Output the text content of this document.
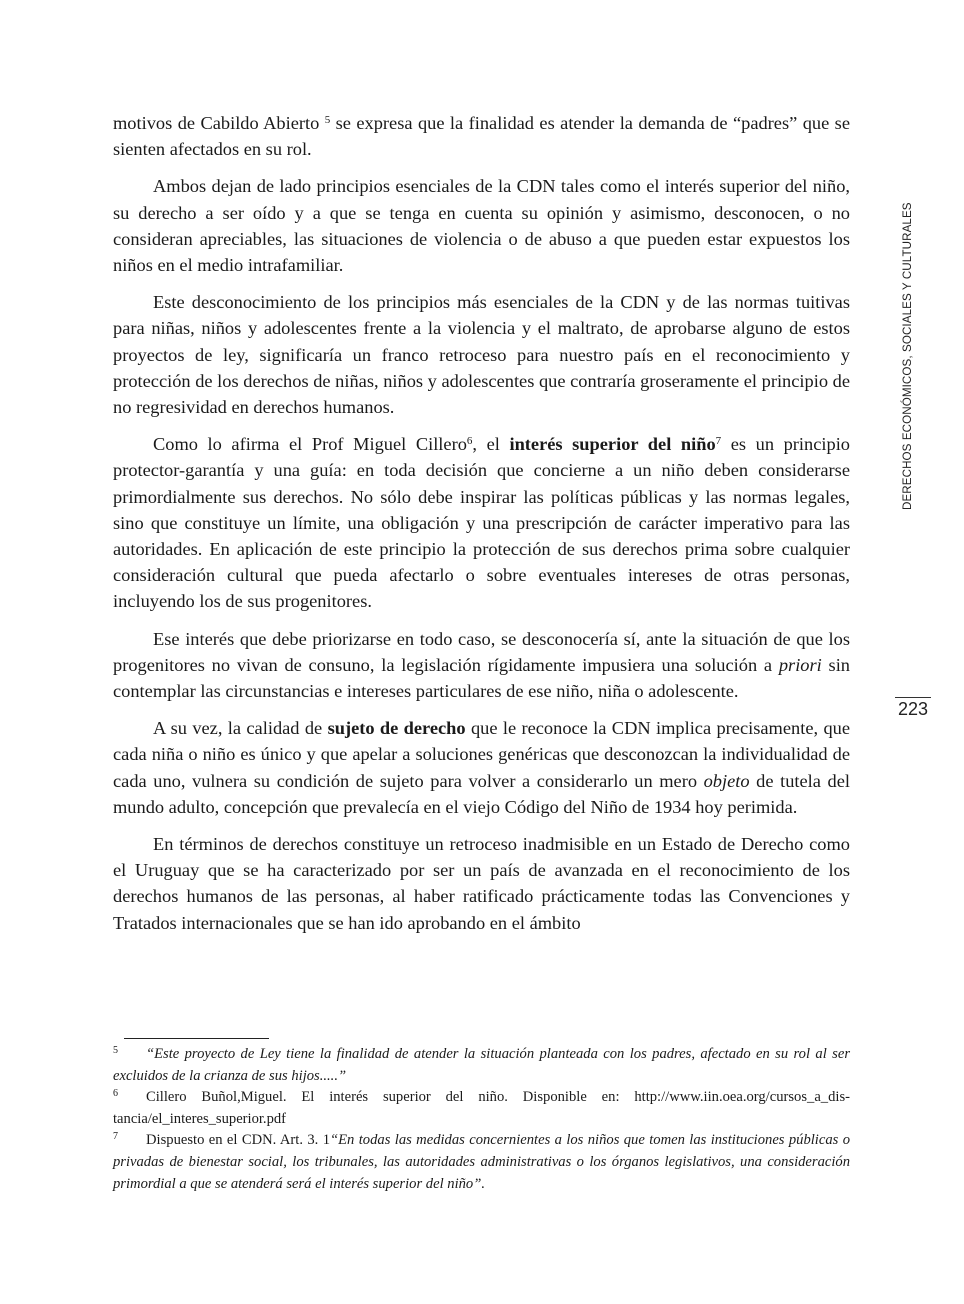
motivos de Cabildo Abierto $^5$ se expresa que la finalidad es atender la demanda de “padres” que se sienten afectados en su rol.

Ambos dejan de lado principios esenciales de la CDN tales como el interés superior del niño, su derecho a ser oído y a que se tenga en cuenta su opinión y asimismo, desconocen, o no consideran apreciables, las situaciones de violencia o de abuso a que pueden estar expuestos los niños en el medio intrafamiliar.

Este desconocimiento de los principios más esenciales de la CDN y de las normas tuitivas para niñas, niños y adolescentes frente a la violencia y el maltrato, de aprobarse alguno de estos proyectos de ley, significaría un franco retroceso para nuestro país en el reconocimiento y protección de los derechos de niñas, niños y adolescentes que contraría groseramente el principio de no regresividad en derechos humanos.

Como lo afirma el Prof Miguel Cillero$^6$, el interés superior del niño$^7$ es un principio protector-garantía y una guía: en toda decisión que concierne a un niño deben considerarse primordialmente sus derechos. No sólo debe inspirar las políticas públicas y las normas legales, sino que constituye un límite, una obligación y una prescripción de carácter imperativo para las autoridades. En aplicación de este principio la protección de sus derechos prima sobre cualquier consideración cultural que pueda afectarlo o sobre eventuales intereses de otras personas, incluyendo los de sus progenitores.

Ese interés que debe priorizarse en todo caso, se desconocería sí, ante la situación de que los progenitores no vivan de consuno, la legislación rígidamente impusiera una solución a priori sin contemplar las circunstancias e intereses particulares de ese niño, niña o adolescente.

A su vez, la calidad de sujeto de derecho que le reconoce la CDN implica precisamente, que cada niña o niño es único y que apelar a soluciones genéricas que desconozcan la individualidad de cada uno, vulnera su condición de sujeto para volver a considerarlo un mero objeto de tutela del mundo adulto, concepción que prevalecía en el viejo Código del Niño de 1934 hoy perimida.

En términos de derechos constituye un retroceso inadmisible en un Estado de Derecho como el Uruguay que se ha caracterizado por ser un país de avanzada en el reconocimiento de los derechos humanos de las personas, al haber ratificado prácticamente todas las Convenciones y Tratados internacionales que se han ido aprobando en el ámbito

DERECHOS ECONÓMICOS, SOCIALES Y CULTURALES
223

5 “Este proyecto de Ley tiene la finalidad de atender la situación planteada con los padres, afectado en su rol al ser excluidos de la crianza de sus hijos.....”

6 Cillero Buñol,Miguel. El interés superior del niño. Disponible en: http://www.iin.oea.org/cursos_a_distancia/el_interes_superior.pdf

7 Dispuesto en el CDN. Art. 3. 1“En todas las medidas concernientes a los niños que tomen las instituciones públicas o privadas de bienestar social, los tribunales, las autoridades administrativas o los órganos legislativos, una consideración primordial a que se atenderá será el interés superior del niño”.
